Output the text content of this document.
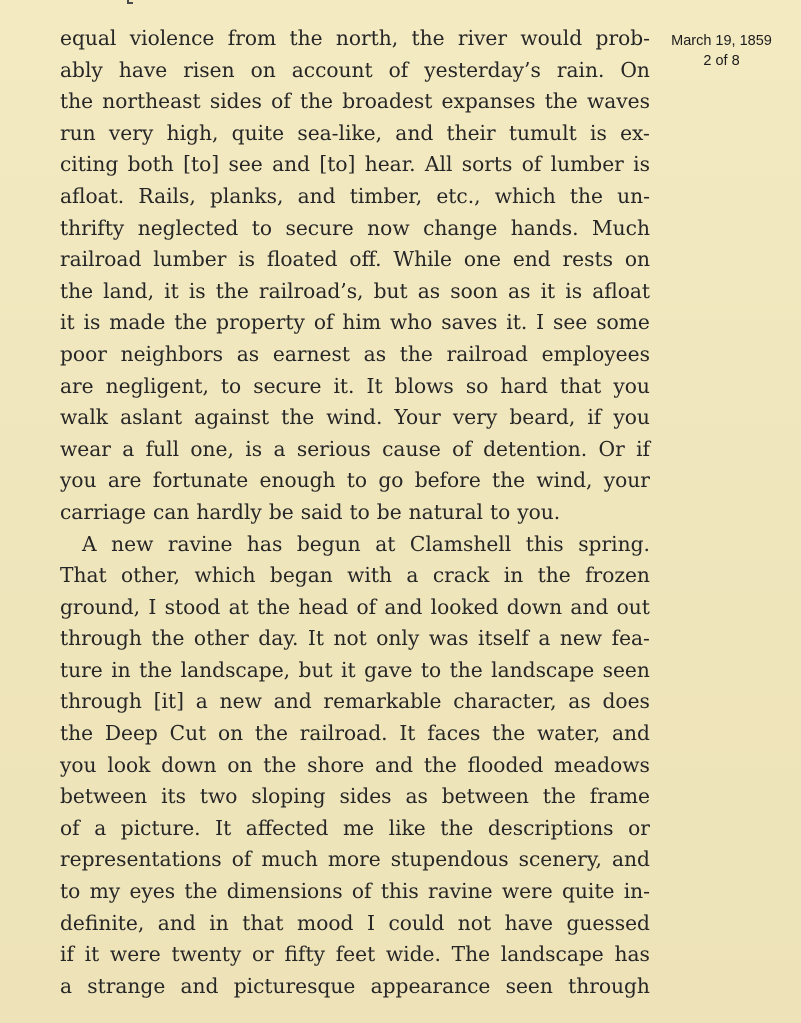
equal violence from the north, the river would prob-
ably have risen on account of yesterday’s rain. On
the northeast sides of the broadest expanses the waves
run very high, quite sea-like, and their tumult is ex-
citing both [to] see and [to] hear. All sorts of lumber is
afloat. Rails, planks, and timber, etc., which the un-
thrifty neglected to secure now change hands. Much
railroad lumber is floated off. While one end rests on
the land, it is the railroad’s, but as soon as it is afloat
it is made the property of him who saves it. I see some
poor neighbors as earnest as the railroad employees
are negligent, to secure it. It blows so hard that you
walk aslant against the wind. Your very beard, if you
wear a full one, is a serious cause of detention. Or if
you are fortunate enough to go before the wind, your
carriage can hardly be said to be natural to you.
A new ravine has begun at Clamshell this spring.
That other, which began with a crack in the frozen
ground, I stood at the head of and looked down and out
through the other day. It not only was itself a new fea-
ture in the landscape, but it gave to the landscape seen
through [it] a new and remarkable character, as does
the Deep Cut on the railroad. It faces the water, and
you look down on the shore and the flooded meadows
between its two sloping sides as between the frame
of a picture. It affected me like the descriptions or
representations of much more stupendous scenery, and
to my eyes the dimensions of this ravine were quite in-
definite, and in that mood I could not have guessed
if it were twenty or fifty feet wide. The landscape has
a strange and picturesque appearance seen through
March 19, 1859
2 of 8
